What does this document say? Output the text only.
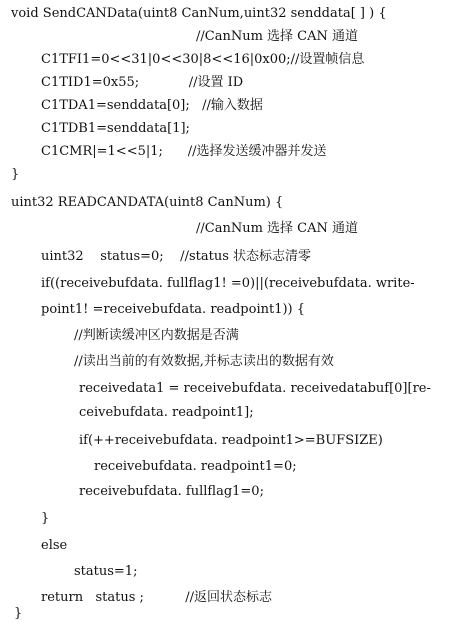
void SendCANData(uint8 CanNum,uint32 senddata[ ] ) {
//CanNum 选择 CAN 通道
C1TFI1=0<<31|0<<30|8<<16|0x00;//设置帧信息
C1TID1=0x55;            //设置 ID
C1TDA1=senddata[0];   //输入数据
C1TDB1=senddata[1];
C1CMR|=1<<5|1;      //选择发送缓冲器并发送
}
uint32 READCANDATA(uint8 CanNum) {
//CanNum 选择 CAN 通道
uint32    status=0;    //status 状态标志清零
if((receivebufdata. fullflag1! =0)||(receivebufdata. write-
point1! =receivebufdata. readpoint1)) {
//判断读缓冲区内数据是否满
//读出当前的有效数据,并标志读出的数据有效
receivedata1 = receivebufdata. receivedatabuf[0][re-
ceivebufdata. readpoint1];
if(++receivebufdata. readpoint1>=BUFSIZE)
receivebufdata. readpoint1=0;
receivebufdata. fullflag1=0;
}
else
status=1;
return   status ;          //返回状态标志
}
